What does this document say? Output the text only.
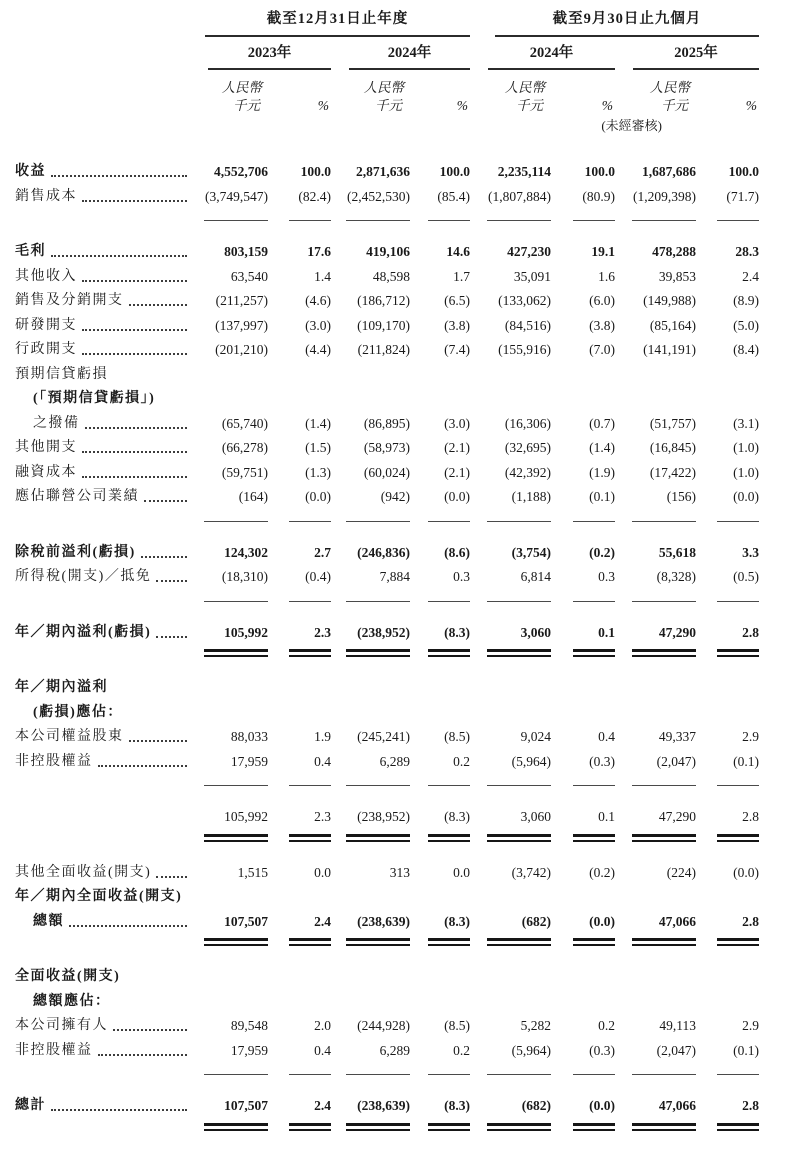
	截至12月31日止年度				截至9月30日止九個月			

	2023年		2024年		2024年		2025年	

	人民幣		人民幣		人民幣		人民幣	
	千元	%	千元	%	千元	%	千元	%

					(未經審核)			

收益	4,552,706	100.0	2,871,636	100.0	2,235,114	100.0	1,687,686	100.0

銷售成本	(3,749,547)	(82.4)	(2,452,530)	(85.4)	(1,807,884)	(80.9)	(1,209,398)	(71.7)

毛利	803,159	17.6	419,106	14.6	427,230	19.1	478,288	28.3

其他收入	63,540	1.4	48,598	1.7	35,091	1.6	39,853	2.4

銷售及分銷開支	(211,257)	(4.6)	(186,712)	(6.5)	(133,062)	(6.0)	(149,988)	(8.9)

研發開支	(137,997)	(3.0)	(109,170)	(3.8)	(84,516)	(3.8)	(85,164)	(5.0)

行政開支	(201,210)	(4.4)	(211,824)	(7.4)	(155,916)	(7.0)	(141,191)	(8.4)

預期信貸虧損								

(「預期信貸虧損」)								

之撥備	(65,740)	(1.4)	(86,895)	(3.0)	(16,306)	(0.7)	(51,757)	(3.1)

其他開支	(66,278)	(1.5)	(58,973)	(2.1)	(32,695)	(1.4)	(16,845)	(1.0)

融資成本	(59,751)	(1.3)	(60,024)	(2.1)	(42,392)	(1.9)	(17,422)	(1.0)

應佔聯營公司業績	(164)	(0.0)	(942)	(0.0)	(1,188)	(0.1)	(156)	(0.0)

除稅前溢利(虧損)	124,302	2.7	(246,836)	(8.6)	(3,754)	(0.2)	55,618	3.3

所得稅(開支)／抵免	(18,310)	(0.4)	7,884	0.3	6,814	0.3	(8,328)	(0.5)

年／期內溢利(虧損)	105,992	2.3	(238,952)	(8.3)	3,060	0.1	47,290	2.8

年／期內溢利								

(虧損)應佔：								

本公司權益股東	88,033	1.9	(245,241)	(8.5)	9,024	0.4	49,337	2.9

非控股權益	17,959	0.4	6,289	0.2	(5,964)	(0.3)	(2,047)	(0.1)

	105,992	2.3	(238,952)	(8.3)	3,060	0.1	47,290	2.8

其他全面收益(開支)	1,515	0.0	313	0.0	(3,742)	(0.2)	(224)	(0.0)

年／期內全面收益(開支)								

總額	107,507	2.4	(238,639)	(8.3)	(682)	(0.0)	47,066	2.8

全面收益(開支)								

總額應佔：								

本公司擁有人	89,548	2.0	(244,928)	(8.5)	5,282	0.2	49,113	2.9

非控股權益	17,959	0.4	6,289	0.2	(5,964)	(0.3)	(2,047)	(0.1)

總計	107,507	2.4	(238,639)	(8.3)	(682)	(0.0)	47,066	2.8
